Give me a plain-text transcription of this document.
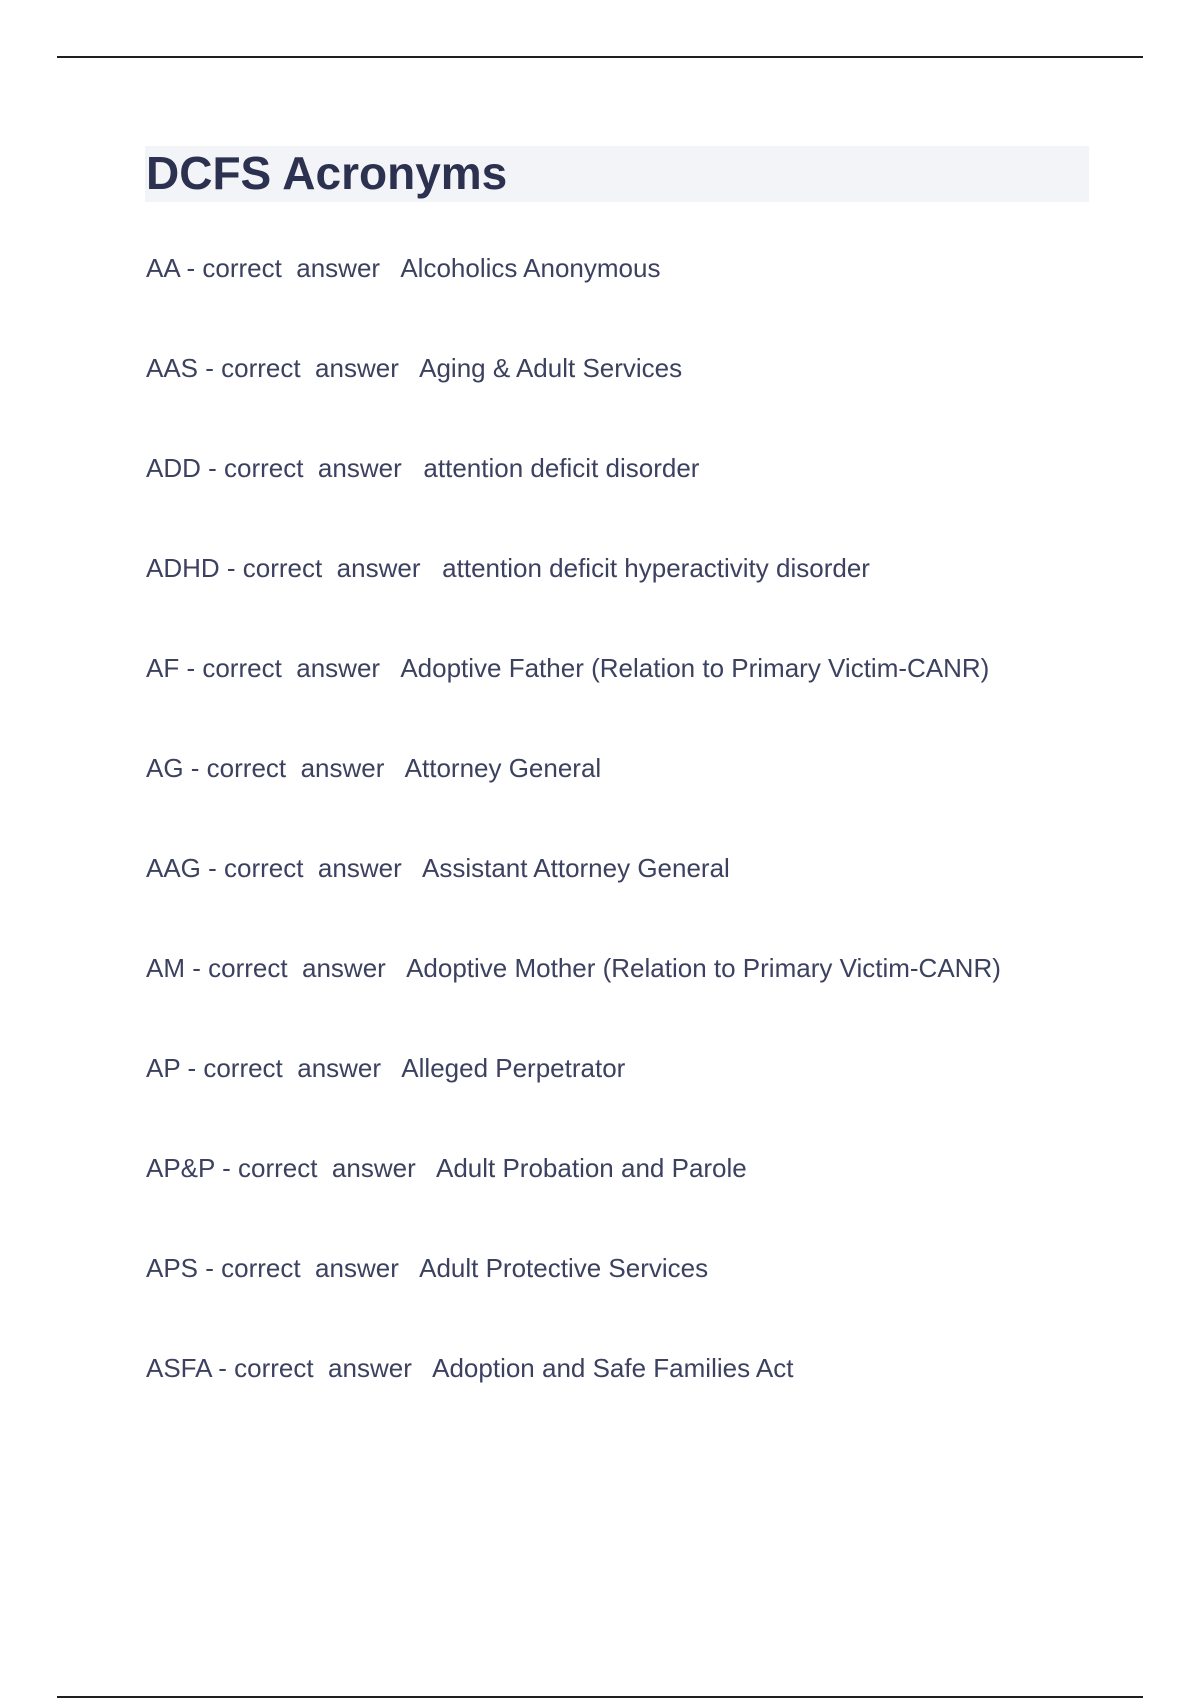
DCFS Acronyms
AA - correct  answer   Alcoholics Anonymous
AAS - correct  answer   Aging & Adult Services
ADD - correct  answer   attention deficit disorder
ADHD - correct  answer   attention deficit hyperactivity disorder
AF - correct  answer   Adoptive Father (Relation to Primary Victim-CANR)
AG - correct  answer   Attorney General
AAG - correct  answer   Assistant Attorney General
AM - correct  answer   Adoptive Mother (Relation to Primary Victim-CANR)
AP - correct  answer   Alleged Perpetrator
AP&P - correct  answer   Adult Probation and Parole
APS - correct  answer   Adult Protective Services
ASFA - correct  answer   Adoption and Safe Families Act
